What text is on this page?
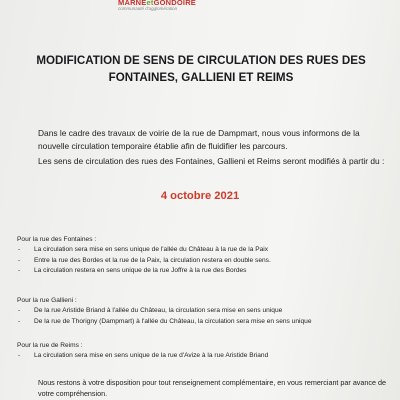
MARNEetGONDOIRE
communauté d'agglomération
MODIFICATION DE SENS DE CIRCULATION DES RUES DES FONTAINES, GALLIENI ET REIMS

Dans le cadre des travaux de voirie de la rue de Dampmart, nous vous informons de la nouvelle circulation temporaire établie afin de fluidifier les parcours.

Les sens de circulation des rues des Fontaines, Gallieni et Reims seront modifiés à partir du :

4 octobre 2021

Pour la rue des Fontaines :

- La circulation sera mise en sens unique de l'allée du Château à la rue de la Paix
- Entre la rue des Bordes et la rue de la Paix, la circulation restera en double sens.
- La circulation restera en sens unique de la rue Joffre à la rue des Bordes

Pour la rue Gallieni :

- De la rue Aristide Briand à l'allée du Château, la circulation sera mise en sens unique
- De la rue de Thorigny (Dampmart) à l'allée du Château, la circulation sera mise en sens unique

Pour la rue de Reims :

- La circulation sera mise en sens unique de la rue d'Avize à la rue Aristide Briand
Nous restons à votre disposition pour tout renseignement complémentaire, en vous remerciant par avance de votre compréhension.
